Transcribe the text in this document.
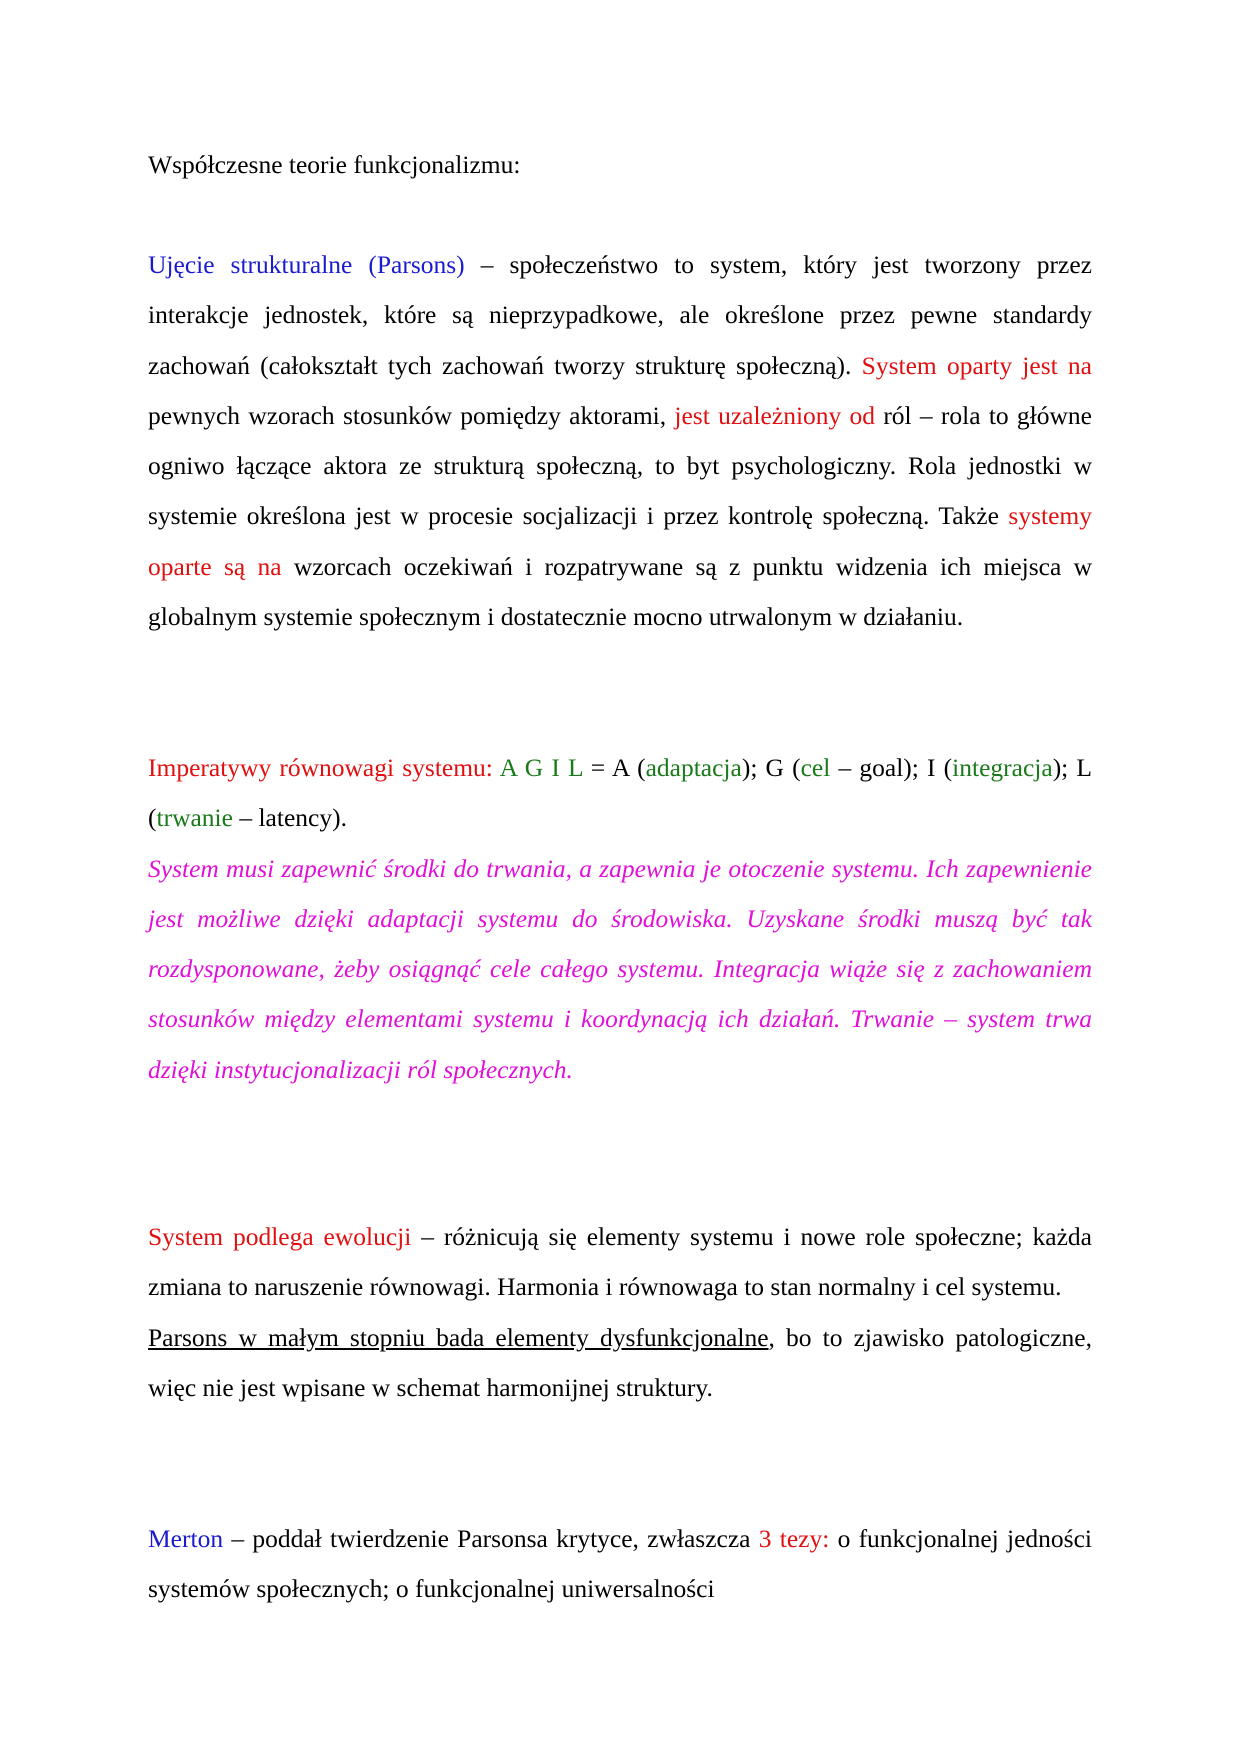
Współczesne teorie funkcjonalizmu:

Ujęcie strukturalne (Parsons) – społeczeństwo to system, który jest tworzony przez interakcje jednostek, które są nieprzypadkowe, ale określone przez pewne standardy zachowań (całokształt tych zachowań tworzy strukturę społeczną). System oparty jest na pewnych wzorach stosunków pomiędzy aktorami, jest uzależniony od ról – rola to główne ogniwo łączące aktora ze strukturą społeczną, to byt psychologiczny. Rola jednostki w systemie określona jest w procesie socjalizacji i przez kontrolę społeczną. Także systemy oparte są na wzorcach oczekiwań i rozpatrywane są z punktu widzenia ich miejsca w globalnym systemie społecznym i dostatecznie mocno utrwalonym w działaniu.

Imperatywy równowagi systemu: A G I L = A (adaptacja); G (cel – goal); I (integracja); L (trwanie – latency).
System musi zapewnić środki do trwania, a zapewnia je otoczenie systemu. Ich zapewnienie jest możliwe dzięki adaptacji systemu do środowiska. Uzyskane środki muszą być tak rozdysponowane, żeby osiągnąć cele całego systemu. Integracja wiąże się z zachowaniem stosunków między elementami systemu i koordynacją ich działań. Trwanie – system trwa dzięki instytucjonalizacji ról społecznych.

System podlega ewolucji – różnicują się elementy systemu i nowe role społeczne; każda zmiana to naruszenie równowagi. Harmonia i równowaga to stan normalny i cel systemu.
Parsons w małym stopniu bada elementy dysfunkcjonalne, bo to zjawisko patologiczne, więc nie jest wpisane w schemat harmonijnej struktury.

Merton – poddał twierdzenie Parsonsa krytyce, zwłaszcza 3 tezy: o funkcjonalnej jedności systemów społecznych; o funkcjonalnej uniwersalności
